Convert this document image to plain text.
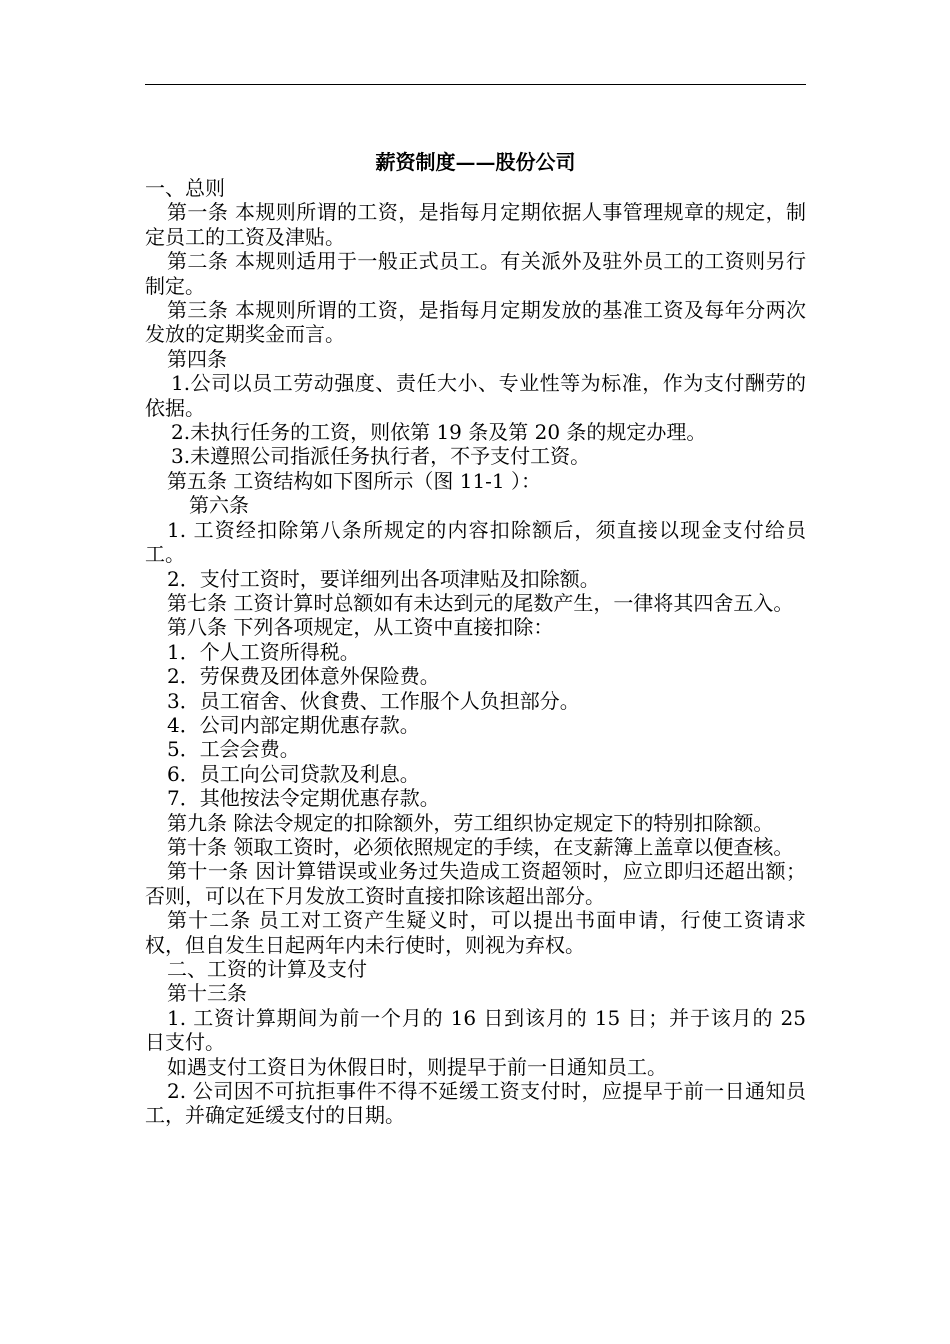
薪资制度——股份公司
一、总则
第一条 本规则所谓的工资，是指每月定期依据人事管理规章的规定，制定员工的工资及津贴。
第二条 本规则适用于一般正式员工。有关派外及驻外员工的工资则另行制定。
第三条 本规则所谓的工资，是指每月定期发放的基准工资及每年分两次发放的定期奖金而言。
第四条
1.公司以员工劳动强度、责任大小、专业性等为标准，作为支付酬劳的依据。
2.未执行任务的工资，则依第 19 条及第 20 条的规定办理。
3.未遵照公司指派任务执行者，不予支付工资。
第五条 工资结构如下图所示（图 11-1 ）：
第六条
1. 工资经扣除第八条所规定的内容扣除额后，须直接以现金支付给员工。
2．支付工资时，要详细列出各项津贴及扣除额。
第七条 工资计算时总额如有未达到元的尾数产生，一律将其四舍五入。
第八条 下列各项规定，从工资中直接扣除：
1．个人工资所得税。
2．劳保费及团体意外保险费。
3．员工宿舍、伙食费、工作服个人负担部分。
4．公司内部定期优惠存款。
5．工会会费。
6．员工向公司贷款及利息。
7．其他按法令定期优惠存款。
第九条 除法令规定的扣除额外，劳工组织协定规定下的特别扣除额。
第十条 领取工资时，必须依照规定的手续，在支薪簿上盖章以便查核。
第十一条 因计算错误或业务过失造成工资超领时，应立即归还超出额；否则，可以在下月发放工资时直接扣除该超出部分。
第十二条 员工对工资产生疑义时，可以提出书面申请，行使工资请求权，但自发生日起两年内未行使时，则视为弃权。
二、工资的计算及支付
第十三条
1. 工资计算期间为前一个月的 16 日到该月的 15 日；并于该月的 25 日支付。
如遇支付工资日为休假日时，则提早于前一日通知员工。
2. 公司因不可抗拒事件不得不延缓工资支付时，应提早于前一日通知员工，并确定延缓支付的日期。
